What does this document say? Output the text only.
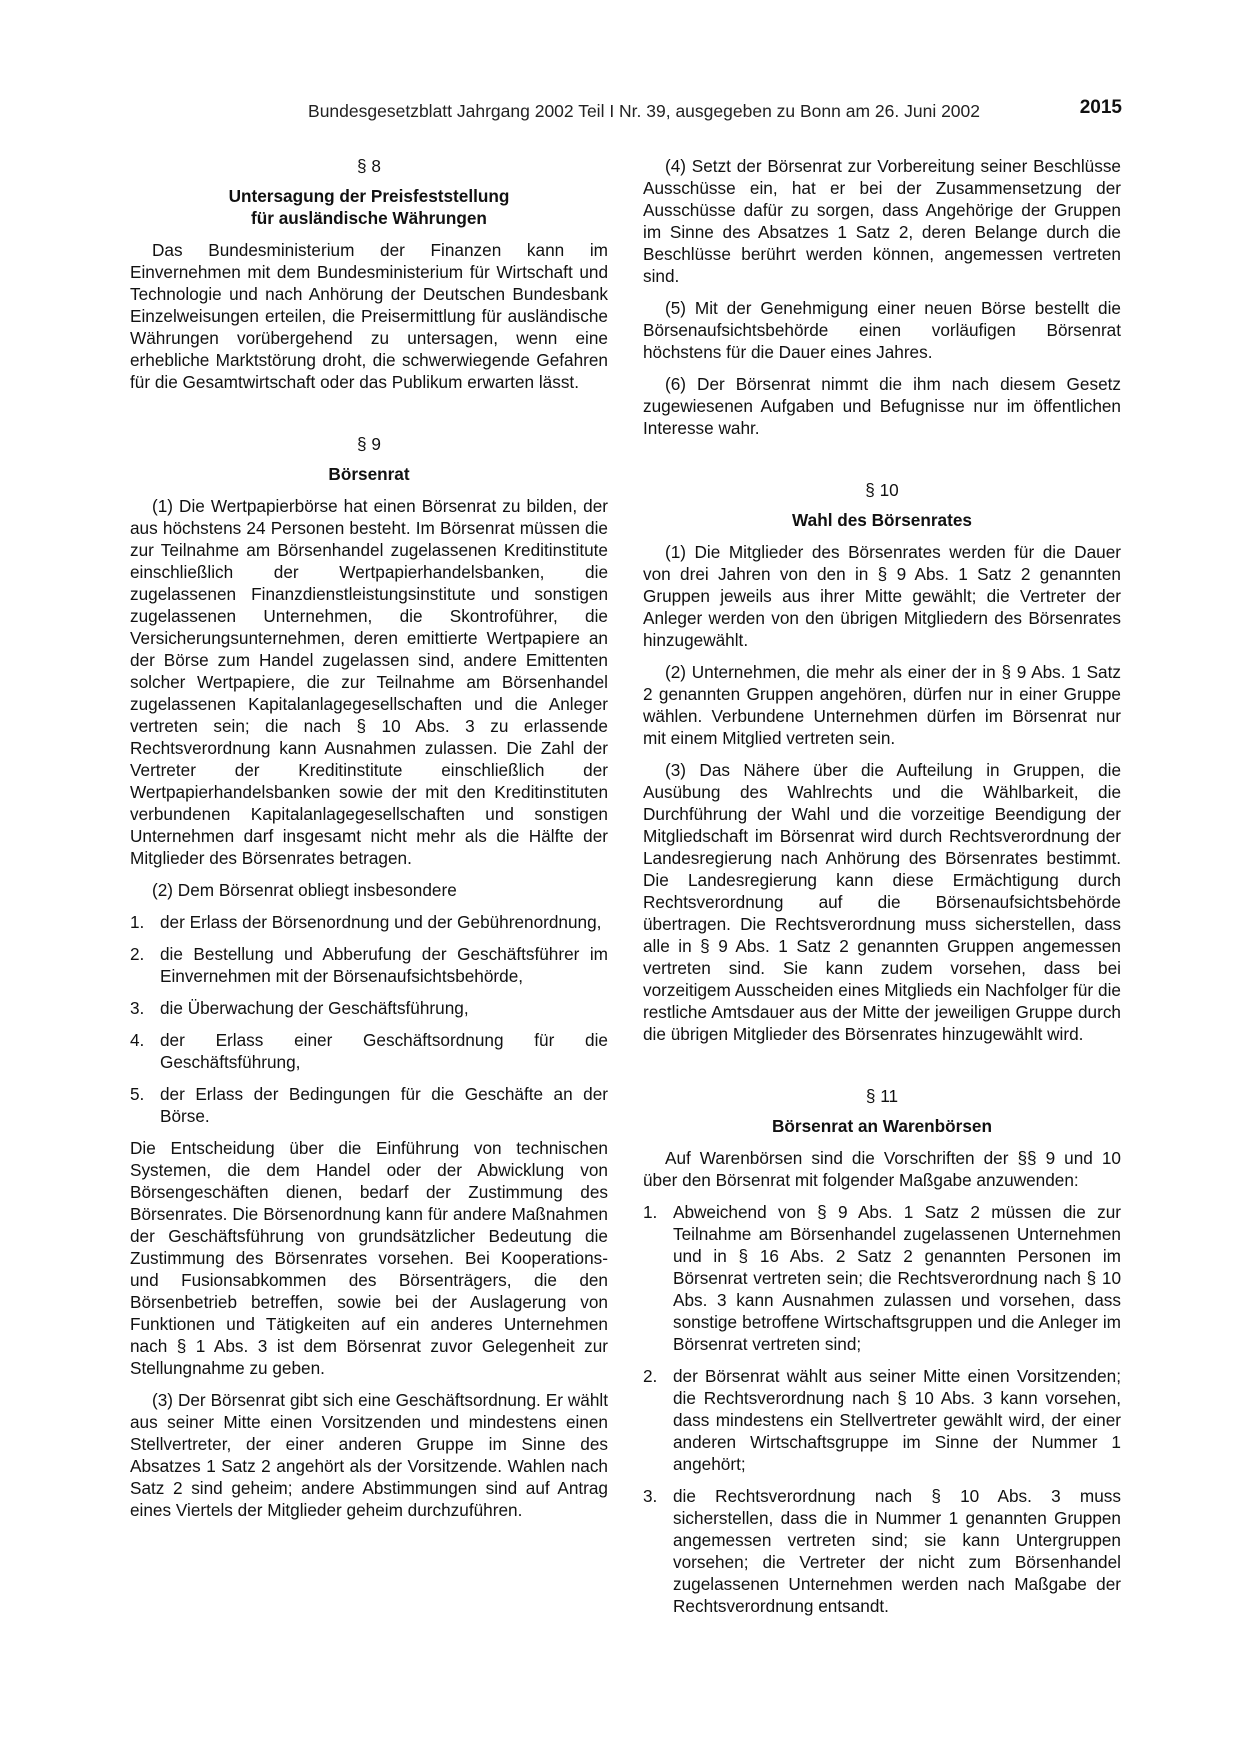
Bundesgesetzblatt Jahrgang 2002 Teil I Nr. 39, ausgegeben zu Bonn am 26. Juni 2002	2015
§ 8
Untersagung der Preisfeststellung
für ausländische Währungen

Das Bundesministerium der Finanzen kann im Einvernehmen mit dem Bundesministerium für Wirtschaft und Technologie und nach Anhörung der Deutschen Bundesbank Einzelweisungen erteilen, die Preisermittlung für ausländische Währungen vorübergehend zu untersagen, wenn eine erhebliche Marktstörung droht, die schwerwiegende Gefahren für die Gesamtwirtschaft oder das Publikum erwarten lässt.

§ 9
Börsenrat

(1) Die Wertpapierbörse hat einen Börsenrat zu bilden, der aus höchstens 24 Personen besteht. Im Börsenrat müssen die zur Teilnahme am Börsenhandel zugelassenen Kreditinstitute einschließlich der Wertpapierhandelsbanken, die zugelassenen Finanzdienstleistungsinstitute und sonstigen zugelassenen Unternehmen, die Skontroführer, die Versicherungsunternehmen, deren emittierte Wertpapiere an der Börse zum Handel zugelassen sind, andere Emittenten solcher Wertpapiere, die zur Teilnahme am Börsenhandel zugelassenen Kapitalanlagegesellschaften und die Anleger vertreten sein; die nach § 10 Abs. 3 zu erlassende Rechtsverordnung kann Ausnahmen zulassen. Die Zahl der Vertreter der Kreditinstitute einschließlich der Wertpapierhandelsbanken sowie der mit den Kreditinstituten verbundenen Kapitalanlagegesellschaften und sonstigen Unternehmen darf insgesamt nicht mehr als die Hälfte der Mitglieder des Börsenrates betragen.

(2) Dem Börsenrat obliegt insbesondere

1. der Erlass der Börsenordnung und der Gebührenordnung,
2. die Bestellung und Abberufung der Geschäftsführer im Einvernehmen mit der Börsenaufsichtsbehörde,
3. die Überwachung der Geschäftsführung,
4. der Erlass einer Geschäftsordnung für die Geschäftsführung,
5. der Erlass der Bedingungen für die Geschäfte an der Börse.

Die Entscheidung über die Einführung von technischen Systemen, die dem Handel oder der Abwicklung von Börsengeschäften dienen, bedarf der Zustimmung des Börsenrates. Die Börsenordnung kann für andere Maßnahmen der Geschäftsführung von grundsätzlicher Bedeutung die Zustimmung des Börsenrates vorsehen. Bei Kooperations- und Fusionsabkommen des Börsenträgers, die den Börsenbetrieb betreffen, sowie bei der Auslagerung von Funktionen und Tätigkeiten auf ein anderes Unternehmen nach § 1 Abs. 3 ist dem Börsenrat zuvor Gelegenheit zur Stellungnahme zu geben.

(3) Der Börsenrat gibt sich eine Geschäftsordnung. Er wählt aus seiner Mitte einen Vorsitzenden und mindestens einen Stellvertreter, der einer anderen Gruppe im Sinne des Absatzes 1 Satz 2 angehört als der Vorsitzende. Wahlen nach Satz 2 sind geheim; andere Abstimmungen sind auf Antrag eines Viertels der Mitglieder geheim durchzuführen.

(4) Setzt der Börsenrat zur Vorbereitung seiner Beschlüsse Ausschüsse ein, hat er bei der Zusammensetzung der Ausschüsse dafür zu sorgen, dass Angehörige der Gruppen im Sinne des Absatzes 1 Satz 2, deren Belange durch die Beschlüsse berührt werden können, angemessen vertreten sind.

(5) Mit der Genehmigung einer neuen Börse bestellt die Börsenaufsichtsbehörde einen vorläufigen Börsenrat höchstens für die Dauer eines Jahres.

(6) Der Börsenrat nimmt die ihm nach diesem Gesetz zugewiesenen Aufgaben und Befugnisse nur im öffentlichen Interesse wahr.

§ 10
Wahl des Börsenrates

(1) Die Mitglieder des Börsenrates werden für die Dauer von drei Jahren von den in § 9 Abs. 1 Satz 2 genannten Gruppen jeweils aus ihrer Mitte gewählt; die Vertreter der Anleger werden von den übrigen Mitgliedern des Börsenrates hinzugewählt.

(2) Unternehmen, die mehr als einer der in § 9 Abs. 1 Satz 2 genannten Gruppen angehören, dürfen nur in einer Gruppe wählen. Verbundene Unternehmen dürfen im Börsenrat nur mit einem Mitglied vertreten sein.

(3) Das Nähere über die Aufteilung in Gruppen, die Ausübung des Wahlrechts und die Wählbarkeit, die Durchführung der Wahl und die vorzeitige Beendigung der Mitgliedschaft im Börsenrat wird durch Rechtsverordnung der Landesregierung nach Anhörung des Börsenrates bestimmt. Die Landesregierung kann diese Ermächtigung durch Rechtsverordnung auf die Börsenaufsichtsbehörde übertragen. Die Rechtsverordnung muss sicherstellen, dass alle in § 9 Abs. 1 Satz 2 genannten Gruppen angemessen vertreten sind. Sie kann zudem vorsehen, dass bei vorzeitigem Ausscheiden eines Mitglieds ein Nachfolger für die restliche Amtsdauer aus der Mitte der jeweiligen Gruppe durch die übrigen Mitglieder des Börsenrates hinzugewählt wird.

§ 11
Börsenrat an Warenbörsen

Auf Warenbörsen sind die Vorschriften der §§ 9 und 10 über den Börsenrat mit folgender Maßgabe anzuwenden:

1. Abweichend von § 9 Abs. 1 Satz 2 müssen die zur Teilnahme am Börsenhandel zugelassenen Unternehmen und in § 16 Abs. 2 Satz 2 genannten Personen im Börsenrat vertreten sein; die Rechtsverordnung nach § 10 Abs. 3 kann Ausnahmen zulassen und vorsehen, dass sonstige betroffene Wirtschaftsgruppen und die Anleger im Börsenrat vertreten sind;
2. der Börsenrat wählt aus seiner Mitte einen Vorsitzenden; die Rechtsverordnung nach § 10 Abs. 3 kann vorsehen, dass mindestens ein Stellvertreter gewählt wird, der einer anderen Wirtschaftsgruppe im Sinne der Nummer 1 angehört;
3. die Rechtsverordnung nach § 10 Abs. 3 muss sicherstellen, dass die in Nummer 1 genannten Gruppen angemessen vertreten sind; sie kann Untergruppen vorsehen; die Vertreter der nicht zum Börsenhandel zugelassenen Unternehmen werden nach Maßgabe der Rechtsverordnung entsandt.
